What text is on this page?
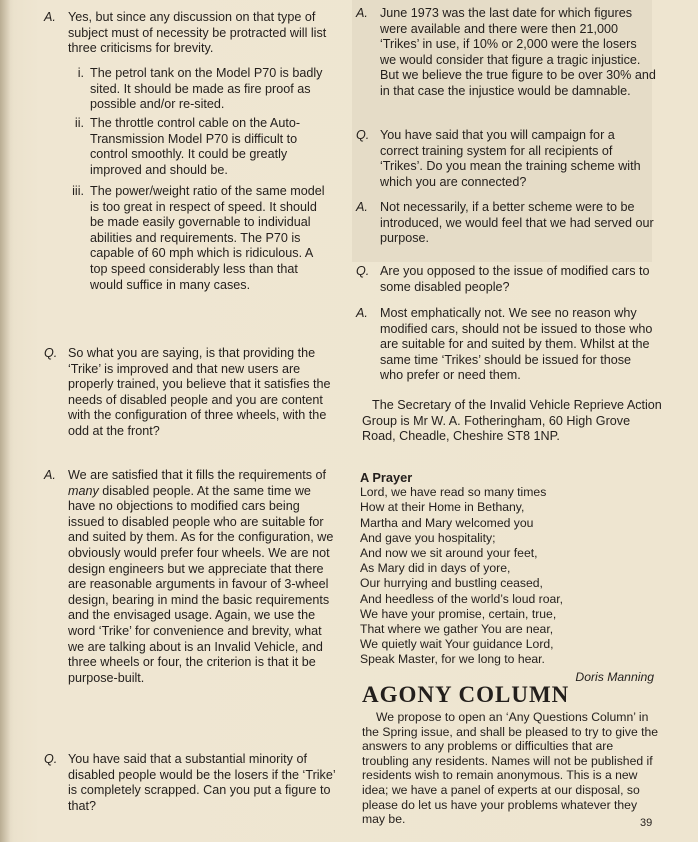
A. Yes, but since any discussion on that type of subject must of necessity be protracted will list three criticisms for brevity.
i. The petrol tank on the Model P70 is badly sited. It should be made as fire proof as possible and/or re-sited.
ii. The throttle control cable on the Auto-Transmission Model P70 is difficult to control smoothly. It could be greatly improved and should be.
iii. The power/weight ratio of the same model is too great in respect of speed. It should be made easily governable to individual abilities and requirements. The P70 is capable of 60 mph which is ridiculous. A top speed considerably less than that would suffice in many cases.
Q. So what you are saying, is that providing the ‘Trike’ is improved and that new users are properly trained, you believe that it satisfies the needs of disabled people and you are content with the configuration of three wheels, with the odd at the front?
A. We are satisfied that it fills the requirements of many disabled people. At the same time we have no objections to modified cars being issued to disabled people who are suitable for and suited by them. As for the configuration, we obviously would prefer four wheels. We are not design engineers but we appreciate that there are reasonable arguments in favour of 3-wheel design, bearing in mind the basic requirements and the envisaged usage. Again, we use the word ‘Trike’ for convenience and brevity, what we are talking about is an Invalid Vehicle, and three wheels or four, the criterion is that it be purpose-built.
Q. You have said that a substantial minority of disabled people would be the losers if the ‘Trike’ is completely scrapped. Can you put a figure to that?
A. June 1973 was the last date for which figures were available and there were then 21,000 ‘Trikes’ in use, if 10% or 2,000 were the losers we would consider that figure a tragic injustice. But we believe the true figure to be over 30% and in that case the injustice would be damnable.
Q. You have said that you will campaign for a correct training system for all recipients of ‘Trikes’. Do you mean the training scheme with which you are connected?
A. Not necessarily, if a better scheme were to be introduced, we would feel that we had served our purpose.
Q. Are you opposed to the issue of modified cars to some disabled people?
A. Most emphatically not. We see no reason why modified cars, should not be issued to those who are suitable for and suited by them. Whilst at the same time ‘Trikes’ should be issued for those who prefer or need them.

The Secretary of the Invalid Vehicle Reprieve Action Group is Mr W. A. Fotheringham, 60 High Grove Road, Cheadle, Cheshire ST8 1NP.

A Prayer
Lord, we have read so many times
How at their Home in Bethany,
Martha and Mary welcomed you
And gave you hospitality;
And now we sit around your feet,
As Mary did in days of yore,
Our hurrying and bustling ceased,
And heedless of the world’s loud roar,
We have your promise, certain, true,
That where we gather You are near,
We quietly wait Your guidance Lord,
Speak Master, for we long to hear.
Doris Manning
AGONY COLUMN

We propose to open an ‘Any Questions Column’ in the Spring issue, and shall be pleased to try to give the answers to any problems or difficulties that are troubling any residents. Names will not be published if residents wish to remain anonymous. This is a new idea; we have a panel of experts at our disposal, so please do let us have your problems whatever they may be.	39
